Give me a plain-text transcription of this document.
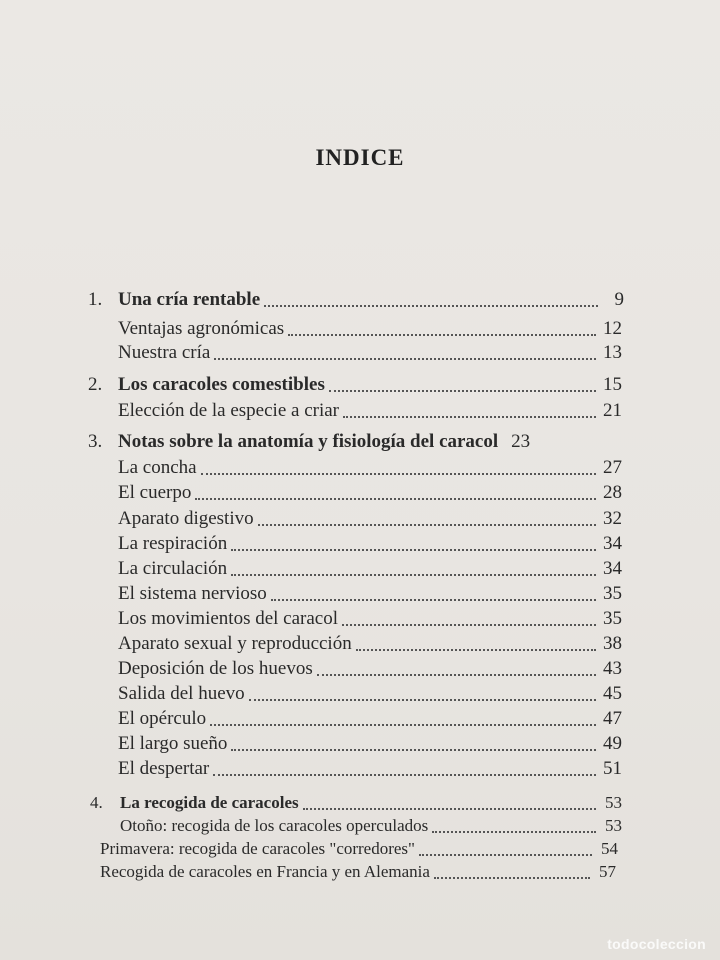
INDICE
1. Una cría rentable	9
Ventajas agronómicas	12
Nuestra cría	13
2. Los caracoles comestibles	15
Elección de la especie a criar	21
3. Notas sobre la anatomía y fisiología del caracol 23
La concha	27
El cuerpo	28
Aparato digestivo	32
La respiración	34
La circulación	34
El sistema nervioso	35
Los movimientos del caracol	35
Aparato sexual y reproducción	38
Deposición de los huevos	43
Salida del huevo	45
El opérculo	47
El largo sueño	49
El despertar	51
4.	La recogida de caracoles	53
Otoño: recogida de los caracoles operculados	53
Primavera: recogida de caracoles "corredores"	54
Recogida de caracoles en Francia y en Alemania	57
todocoleccion
